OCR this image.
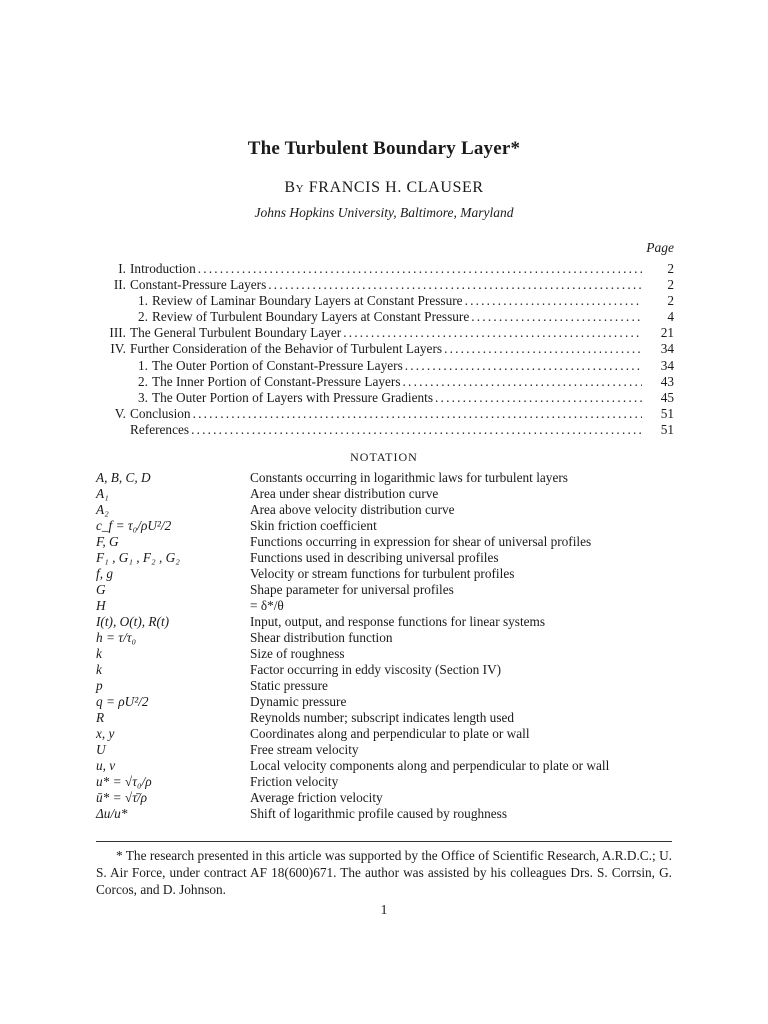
The Turbulent Boundary Layer*
By FRANCIS H. CLAUSER
Johns Hopkins University, Baltimore, Maryland
Page
I. Introduction .....	2
II. Constant-Pressure Layers .....	2
1. Review of Laminar Boundary Layers at Constant Pressure .....	2
2. Review of Turbulent Boundary Layers at Constant Pressure .....	4
III. The General Turbulent Boundary Layer .....	21
IV. Further Consideration of the Behavior of Turbulent Layers .....	34
1. The Outer Portion of Constant-Pressure Layers .....	34
2. The Inner Portion of Constant-Pressure Layers .....	43
3. The Outer Portion of Layers with Pressure Gradients .....	45
V. Conclusion .....	51
References .....	51
NOTATION
A, B, C, D	Constants occurring in logarithmic laws for turbulent layers
A₁	Area under shear distribution curve
A₂	Area above velocity distribution curve
c_f = τ₀/ρU²/2	Skin friction coefficient
F, G	Functions occurring in expression for shear of universal profiles
F₁ , G₁ , F₂ , G₂	Functions used in describing universal profiles
f, g	Velocity or stream functions for turbulent profiles
G	Shape parameter for universal profiles
H	= δ*/θ
I(t), O(t), R(t)	Input, output, and response functions for linear systems
h = τ/τ₀	Shear distribution function
k	Size of roughness
k	Factor occurring in eddy viscosity (Section IV)
p	Static pressure
q = ρU²/2	Dynamic pressure
R	Reynolds number; subscript indicates length used
x, y	Coordinates along and perpendicular to plate or wall
U	Free stream velocity
u, v	Local velocity components along and perpendicular to plate or wall
u* = √τ₀/ρ	Friction velocity
ū* = √τ̄/ρ	Average friction velocity
Δu/u*	Shift of logarithmic profile caused by roughness
* The research presented in this article was supported by the Office of Scientific Research, A.R.D.C.; U. S. Air Force, under contract AF 18(600)671. The author was assisted by his colleagues Drs. S. Corrsin, G. Corcos, and D. Johnson.
1
